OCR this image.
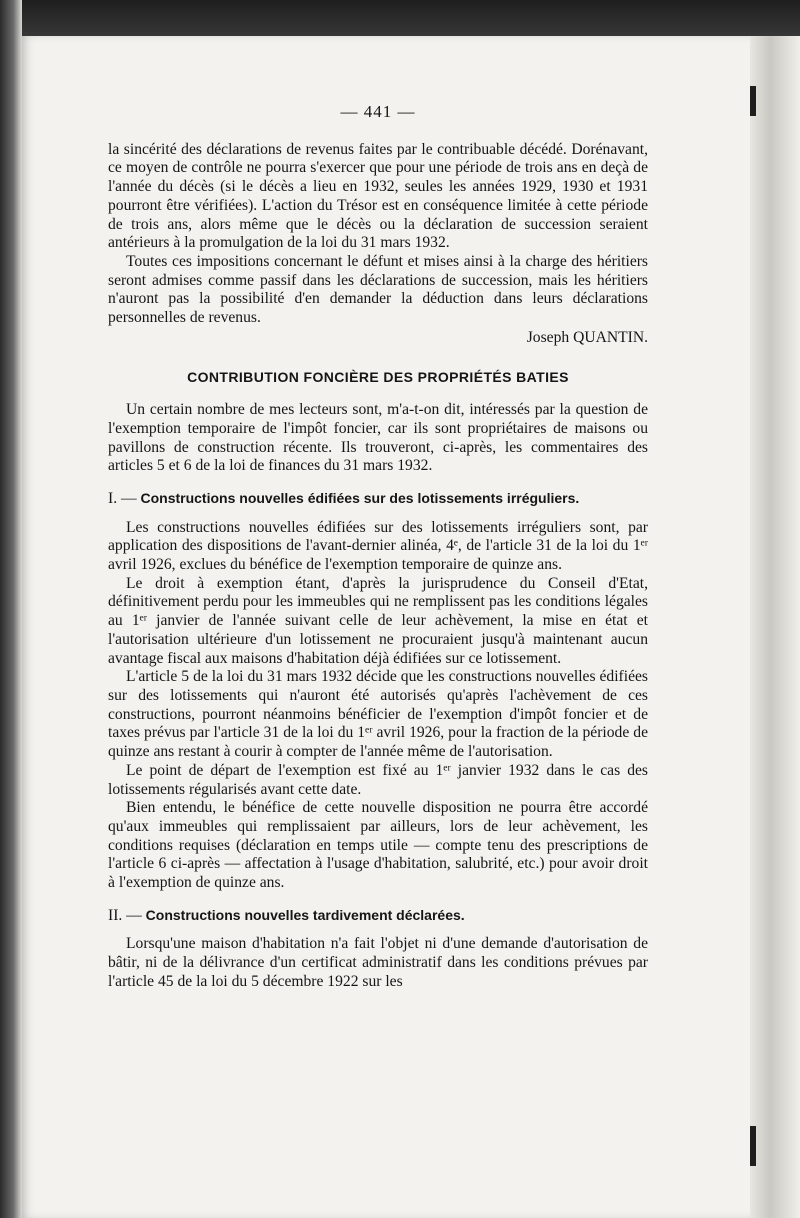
— 441 —

la sincérité des déclarations de revenus faites par le contribuable décédé. Dorénavant, ce moyen de contrôle ne pourra s'exercer que pour une période de trois ans en deçà de l'année du décès (si le décès a lieu en 1932, seules les années 1929, 1930 et 1931 pourront être vérifiées). L'action du Trésor est en conséquence limitée à cette période de trois ans, alors même que le décès ou la déclaration de succession seraient antérieurs à la promulgation de la loi du 31 mars 1932.

Toutes ces impositions concernant le défunt et mises ainsi à la charge des héritiers seront admises comme passif dans les déclarations de succession, mais les héritiers n'auront pas la possibilité d'en demander la déduction dans leurs déclarations personnelles de revenus.

Joseph QUANTIN.

CONTRIBUTION FONCIÈRE DES PROPRIÉTÉS BATIES

Un certain nombre de mes lecteurs sont, m'a-t-on dit, intéressés par la question de l'exemption temporaire de l'impôt foncier, car ils sont propriétaires de maisons ou pavillons de construction récente. Ils trouveront, ci-après, les commentaires des articles 5 et 6 de la loi de finances du 31 mars 1932.

I. — Constructions nouvelles édifiées sur des lotissements irréguliers.

Les constructions nouvelles édifiées sur des lotissements irréguliers sont, par application des dispositions de l'avant-dernier alinéa, 4ᵉ, de l'article 31 de la loi du 1ᵉʳ avril 1926, exclues du bénéfice de l'exemption temporaire de quinze ans.

Le droit à exemption étant, d'après la jurisprudence du Conseil d'Etat, définitivement perdu pour les immeubles qui ne remplissent pas les conditions légales au 1ᵉʳ janvier de l'année suivant celle de leur achèvement, la mise en état et l'autorisation ultérieure d'un lotissement ne procuraient jusqu'à maintenant aucun avantage fiscal aux maisons d'habitation déjà édifiées sur ce lotissement.

L'article 5 de la loi du 31 mars 1932 décide que les constructions nouvelles édifiées sur des lotissements qui n'auront été autorisés qu'après l'achèvement de ces constructions, pourront néanmoins bénéficier de l'exemption d'impôt foncier et de taxes prévus par l'article 31 de la loi du 1ᵉʳ avril 1926, pour la fraction de la période de quinze ans restant à courir à compter de l'année même de l'autorisation.

Le point de départ de l'exemption est fixé au 1ᵉʳ janvier 1932 dans le cas des lotissements régularisés avant cette date.

Bien entendu, le bénéfice de cette nouvelle disposition ne pourra être accordé qu'aux immeubles qui remplissaient par ailleurs, lors de leur achèvement, les conditions requises (déclaration en temps utile — compte tenu des prescriptions de l'article 6 ci-après — affectation à l'usage d'habitation, salubrité, etc.) pour avoir droit à l'exemption de quinze ans.

II. — Constructions nouvelles tardivement déclarées.

Lorsqu'une maison d'habitation n'a fait l'objet ni d'une demande d'autorisation de bâtir, ni de la délivrance d'un certificat administratif dans les conditions prévues par l'article 45 de la loi du 5 décembre 1922 sur les
